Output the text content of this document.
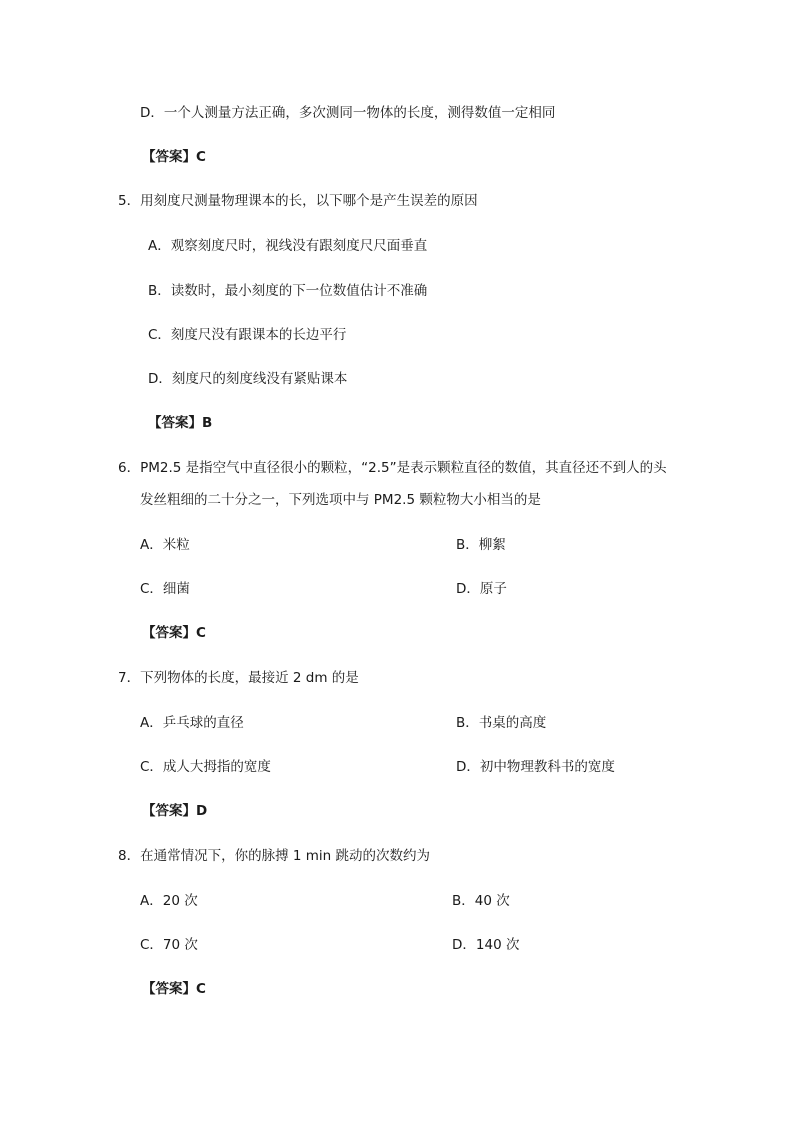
D．一个人测量方法正确，多次测同一物体的长度，测得数值一定相同
【答案】C
5．用刻度尺测量物理课本的长，以下哪个是产生误差的原因
A．观察刻度尺时，视线没有跟刻度尺尺面垂直
B．读数时，最小刻度的下一位数值估计不准确
C．刻度尺没有跟课本的长边平行
D．刻度尺的刻度线没有紧贴课本
【答案】B
6．PM2.5 是指空气中直径很小的颗粒，“2.5”是表示颗粒直径的数值，其直径还不到人的头
发丝粗细的二十分之一，下列选项中与 PM2.5 颗粒物大小相当的是
A．米粒	B．柳絮
C．细菌	D．原子
【答案】C
7．下列物体的长度，最接近 2 dm 的是
A．乒乓球的直径	B．书桌的高度
C．成人大拇指的宽度	D．初中物理教科书的宽度
【答案】D
8．在通常情况下，你的脉搏 1 min 跳动的次数约为
A．20 次	B．40 次
C．70 次	D．140 次
【答案】C
